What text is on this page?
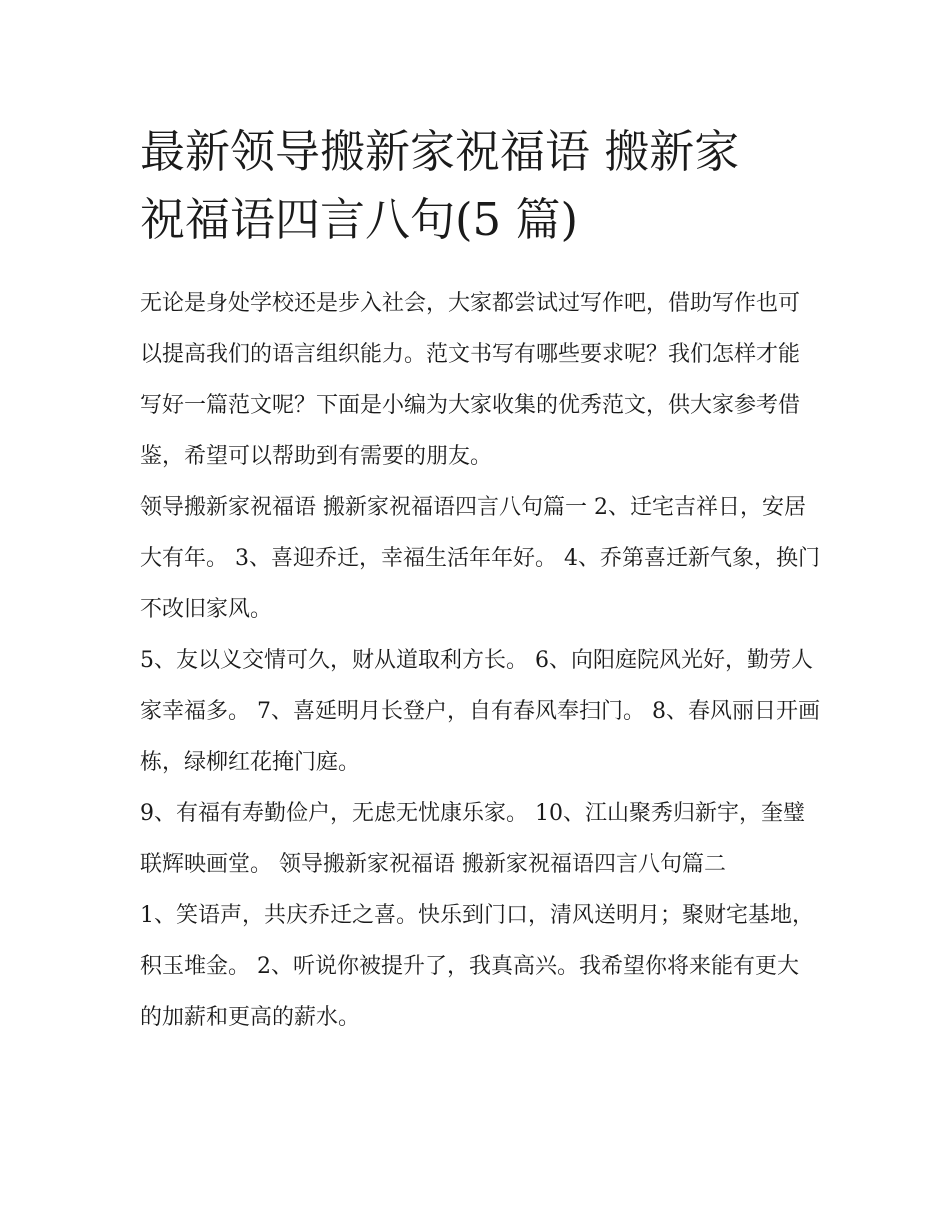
最新领导搬新家祝福语 搬新家
祝福语四言八句(5 篇)

无论是身处学校还是步入社会，大家都尝试过写作吧，借助写作也可以提高我们的语言组织能力。范文书写有哪些要求呢？我们怎样才能写好一篇范文呢？下面是小编为大家收集的优秀范文，供大家参考借鉴，希望可以帮助到有需要的朋友。

领导搬新家祝福语 搬新家祝福语四言八句篇一 2、迁宅吉祥日，安居大有年。 3、喜迎乔迁，幸福生活年年好。 4、乔第喜迁新气象，换门不改旧家风。

5、友以义交情可久，财从道取利方长。 6、向阳庭院风光好，勤劳人家幸福多。 7、喜延明月长登户，自有春风奉扫门。 8、春风丽日开画栋，绿柳红花掩门庭。

9、有福有寿勤俭户，无虑无忧康乐家。 10、江山聚秀归新宇，奎璧联辉映画堂。 领导搬新家祝福语 搬新家祝福语四言八句篇二

1、笑语声，共庆乔迁之喜。快乐到门口，清风送明月；聚财宅基地，积玉堆金。 2、听说你被提升了，我真高兴。我希望你将来能有更大的加薪和更高的薪水。
